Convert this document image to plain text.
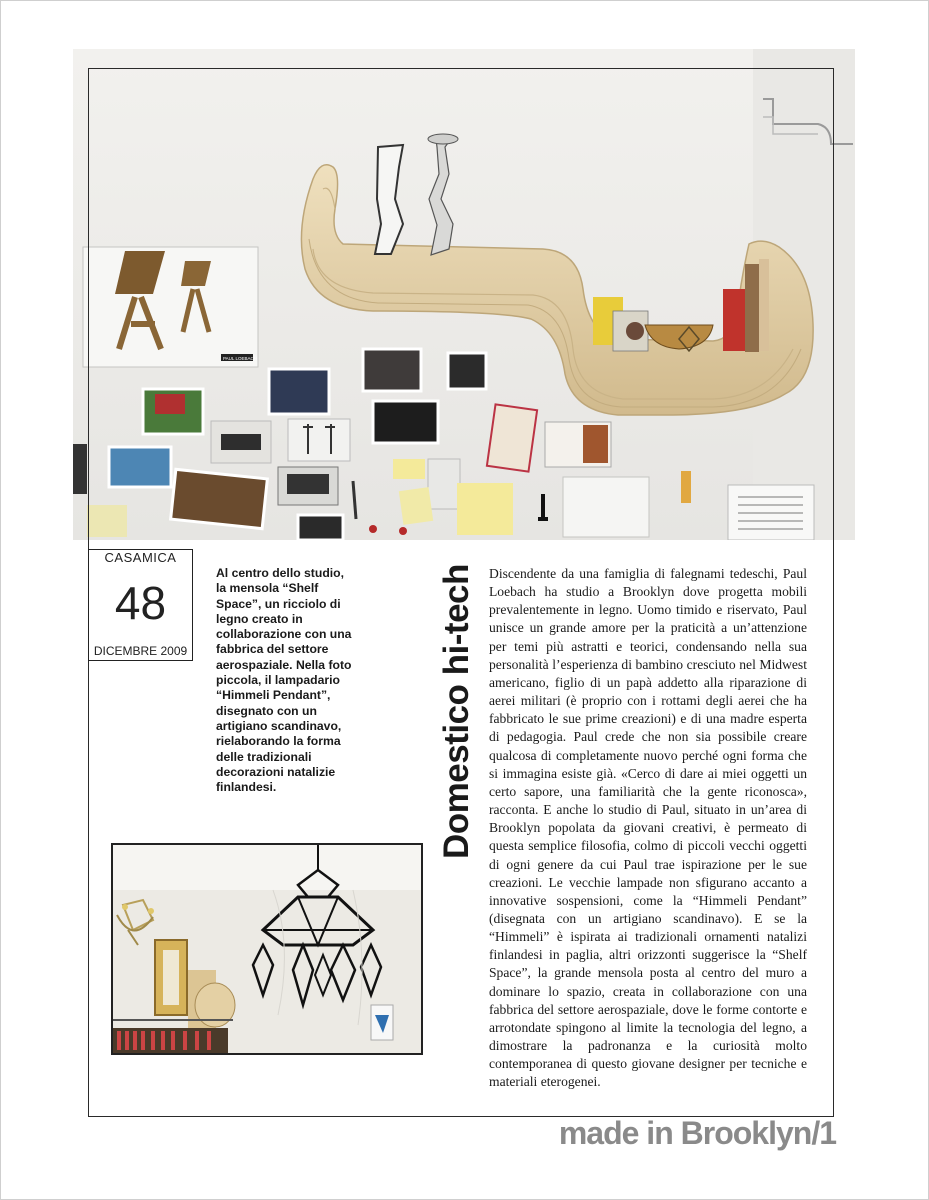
PAUL LOEBACH
CASAMICA
48
DICEMBRE 2009
Al centro dello studio, la mensola “Shelf Space”, un ricciolo di legno creato in collaborazione con una fabbrica del settore aerospaziale. Nella foto piccola, il lampadario “Himmeli Pendant”, disegnato con un artigiano scandinavo, rielaborando la forma delle tradizionali decorazioni natalizie finlandesi.	Domestico hi-tech Discendente da una famiglia di falegnami tedeschi, Paul Loebach ha studio a Brooklyn dove progetta mobili prevalentemente in legno. Uomo timido e riservato, Paul unisce un grande amore per la praticità a un’attenzione per temi più astratti e teorici, condensando nella sua personalità l’esperienza di bambino cresciuto nel Midwest americano, figlio di un papà addetto alla riparazione di aerei militari (è proprio con i rottami degli aerei che ha fabbricato le sue prime creazioni) e di una madre esperta di pedagogia. Paul crede che non sia possibile creare qualcosa di completamente nuovo perché ogni forma che si immagina esiste già. «Cerco di dare ai miei oggetti un certo sapore, una familiarità che la gente riconosca», racconta. E anche lo studio di Paul, situato in un’area di Brooklyn popolata da giovani creativi, è permeato di questa semplice filosofia, colmo di piccoli vecchi oggetti di ogni genere da cui Paul trae ispirazione per le sue creazioni. Le vecchie lampade non sfigurano accanto a innovative sospensioni, come la “Himmeli Pendant” (disegnata con un artigiano scandinavo). E se la “Himmeli” è ispirata ai tradizionali ornamenti natalizi finlandesi in paglia, altri orizzonti suggerisce la “Shelf Space”, la grande mensola posta al centro del muro a dominare lo spazio, creata in collaborazione con una fabbrica del settore aerospaziale, dove le forme contorte e arrotondate spingono al limite la tecnologia del legno, a dimostrare la padronanza e la curiosità molto contemporanea di questo giovane designer per tecniche e materiali eterogenei.
made in Brooklyn/1
